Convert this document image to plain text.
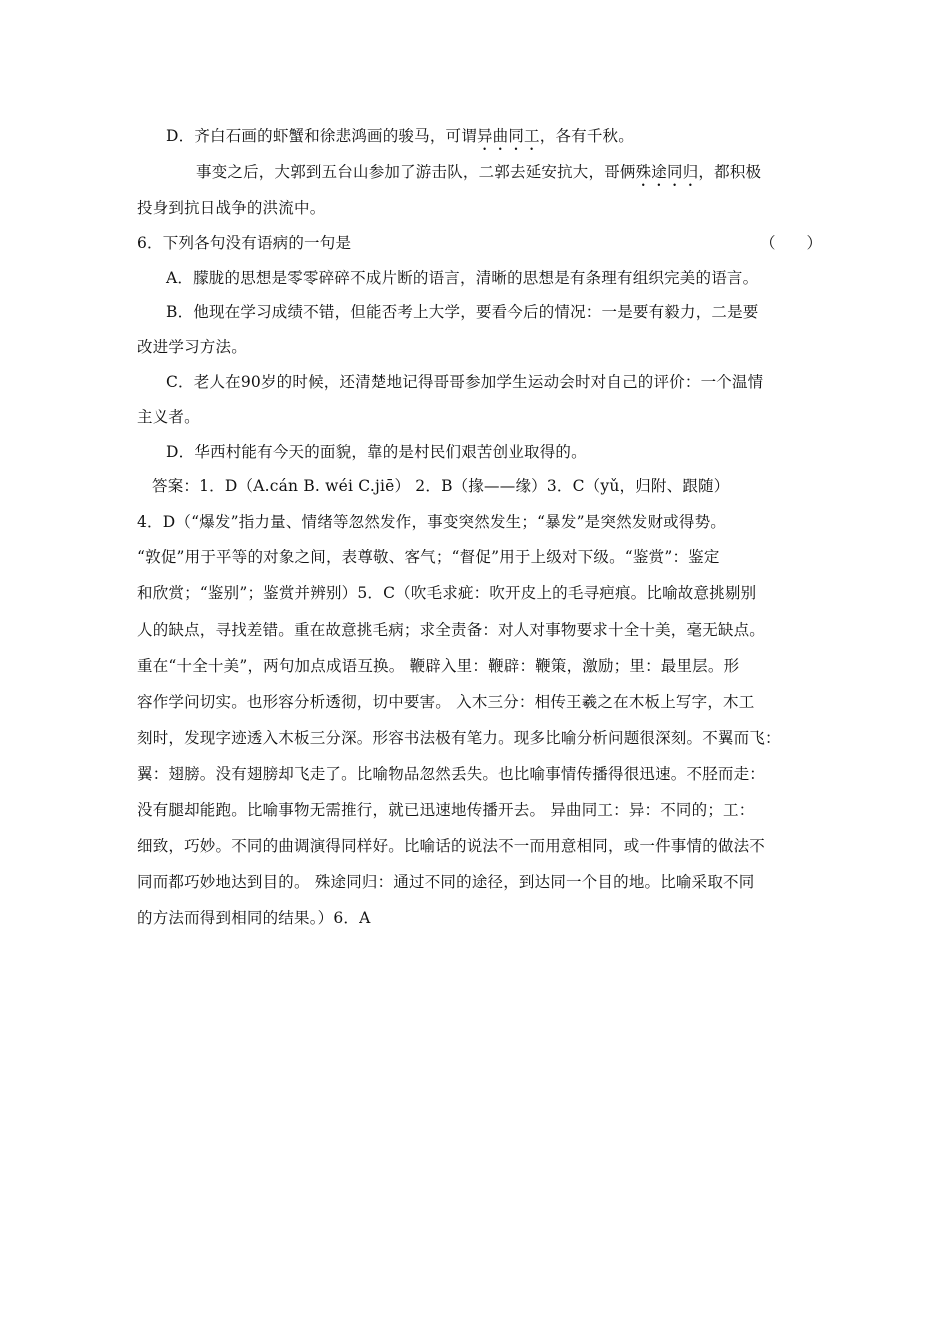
D．齐白石画的虾蟹和徐悲鸿画的骏马，可谓异曲同工，各有千秋。
事变之后，大郭到五台山参加了游击队，二郭去延安抗大，哥俩殊途同归，都积极
投身到抗日战争的洪流中。
6．下列各句没有语病的一句是	（　　）
A．朦胧的思想是零零碎碎不成片断的语言，清晰的思想是有条理有组织完美的语言。
B．他现在学习成绩不错，但能否考上大学，要看今后的情况：一是要有毅力，二是要
改进学习方法。
C．老人在90岁的时候，还清楚地记得哥哥参加学生运动会时对自己的评价：一个温情
主义者。
D．华西村能有今天的面貌，靠的是村民们艰苦创业取得的。
答案：1．D（A.cán B. wéi C.jiē） 2．B（掾——缘）3．C（yǔ，归附、跟随）
4．D（“爆发”指力量、情绪等忽然发作，事变突然发生；“暴发”是突然发财或得势。
“敦促”用于平等的对象之间，表尊敬、客气；“督促”用于上级对下级。“鉴赏”：鉴定
和欣赏；“鉴别”；鉴赏并辨别）5．C（吹毛求疵：吹开皮上的毛寻疤痕。比喻故意挑剔别
人的缺点，寻找差错。重在故意挑毛病；求全责备：对人对事物要求十全十美，毫无缺点。
重在“十全十美”，两句加点成语互换。 鞭辟入里：鞭辟：鞭策，激励；里：最里层。形
容作学问切实。也形容分析透彻，切中要害。 入木三分：相传王羲之在木板上写字，木工
刻时，发现字迹透入木板三分深。形容书法极有笔力。现多比喻分析问题很深刻。不翼而飞：
翼：翅膀。没有翅膀却飞走了。比喻物品忽然丢失。也比喻事情传播得很迅速。不胫而走：
没有腿却能跑。比喻事物无需推行，就已迅速地传播开去。 异曲同工：异：不同的；工：
细致，巧妙。不同的曲调演得同样好。比喻话的说法不一而用意相同，或一件事情的做法不
同而都巧妙地达到目的。 殊途同归：通过不同的途径，到达同一个目的地。比喻采取不同
的方法而得到相同的结果。）6．A
